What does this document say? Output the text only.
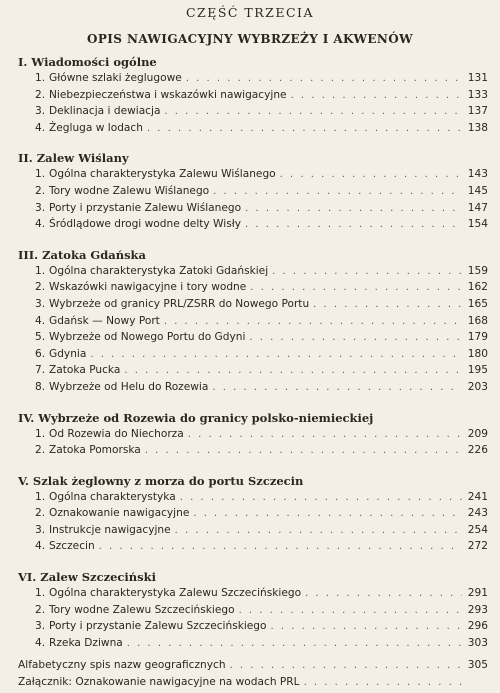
CZĘŚĆ TRZECIA
OPIS NAWIGACYJNY WYBRZEŻY I AKWENÓW
I. Wiadomości ogólne
1. Główne szlaki żeglugowe . . .	131
2. Niebezpieczeństwa i wskazówki nawigacyjne . . .	133
3. Deklinacja i dewiacja . . .	137
4. Żegluga w lodach . . .	138
II. Zalew Wiślany
1. Ogólna charakterystyka Zalewu Wiślanego . . .	143
2. Tory wodne Zalewu Wiślanego . . .	145
3. Porty i przystanie Zalewu Wiślanego . . .	147
4. Śródlądowe drogi wodne delty Wisły . . .	154
III. Zatoka Gdańska
1. Ogólna charakterystyka Zatoki Gdańskiej . . .	159
2. Wskazówki nawigacyjne i tory wodne . . .	162
3. Wybrzeże od granicy PRL/ZSRR do Nowego Portu . . .	165
4. Gdańsk — Nowy Port . . .	168
5. Wybrzeże od Nowego Portu do Gdyni . . .	179
6. Gdynia . . .	180
7. Zatoka Pucka . . .	195
8. Wybrzeże od Helu do Rozewia . . .	203
IV. Wybrzeże od Rozewia do granicy polsko-niemieckiej
1. Od Rozewia do Niechorza . . .	209
2. Zatoka Pomorska . . .	226
V. Szlak żeglowny z morza do portu Szczecin
1. Ogólna charakterystyka . . .	241
2. Oznakowanie nawigacyjne . . .	243
3. Instrukcje nawigacyjne . . .	254
4. Szczecin . . .	272
VI. Zalew Szczeciński
1. Ogólna charakterystyka Zalewu Szczecińskiego . . .	291
2. Tory wodne Zalewu Szczecińskiego . . .	293
3. Porty i przystanie Zalewu Szczecińskiego . . .	296
4. Rzeka Dziwna . . .	303
Alfabetyczny spis nazw geograficznych . . .	305
Załącznik: Oznakowanie nawigacyjne na wodach PRL
. . .
